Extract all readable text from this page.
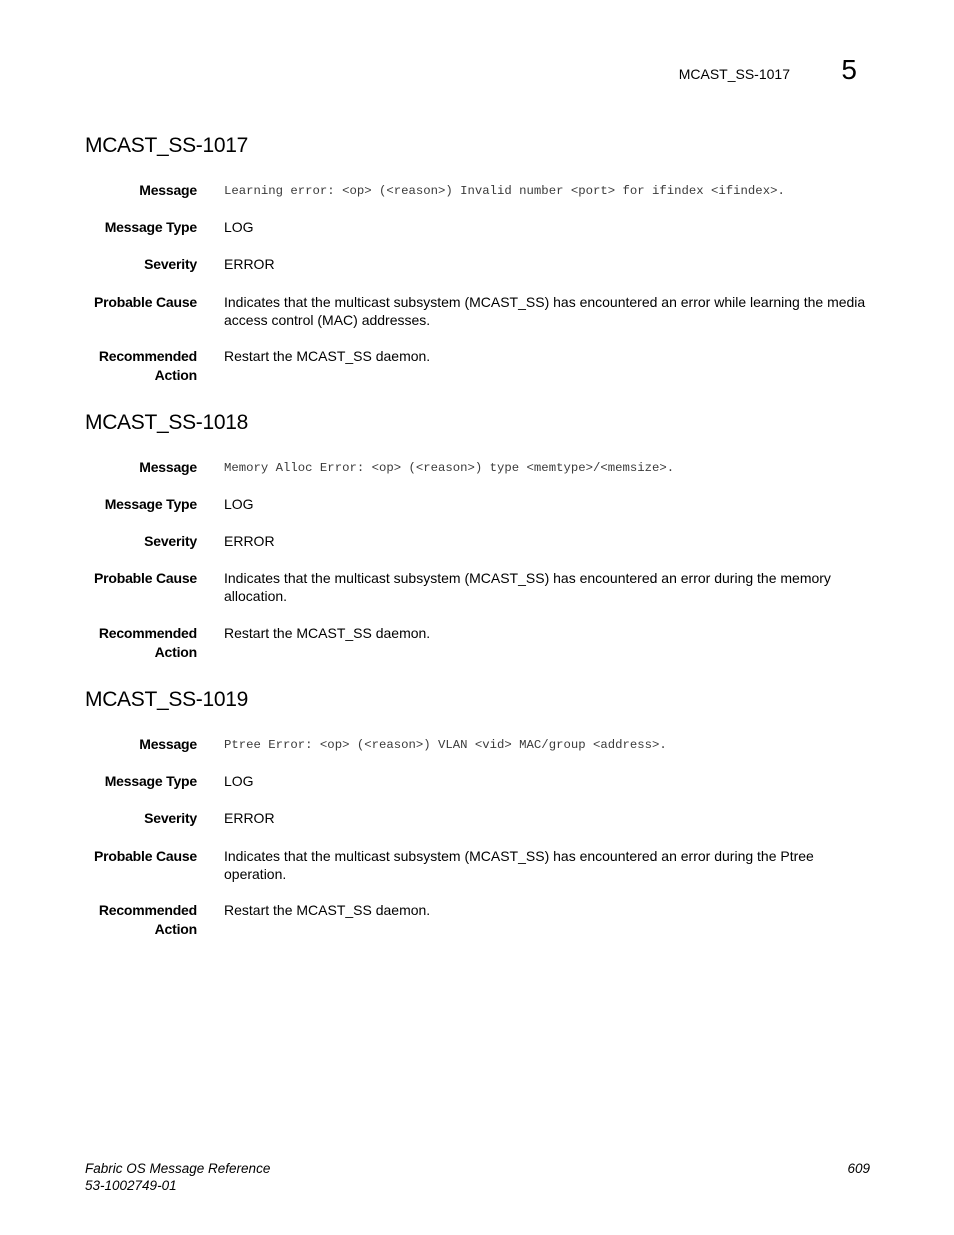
MCAST_SS-1017 5
MCAST_SS-1017
Message Learning error: <op> (<reason>) Invalid number <port> for ifindex <ifindex>.
Message Type LOG
Severity ERROR
Probable Cause Indicates that the multicast subsystem (MCAST_SS) has encountered an error while learning the media access control (MAC) addresses.
Recommended Action
Restart the MCAST_SS daemon.
MCAST_SS-1018
Message Memory Alloc Error: <op> (<reason>) type <memtype>/<memsize>.
Message Type LOG
Severity ERROR
Probable Cause Indicates that the multicast subsystem (MCAST_SS) has encountered an error during the memory allocation.
Recommended Action
Restart the MCAST_SS daemon.
MCAST_SS-1019
Message Ptree Error: <op> (<reason>) VLAN <vid> MAC/group <address>.
Message Type LOG
Severity ERROR
Probable Cause Indicates that the multicast subsystem (MCAST_SS) has encountered an error during the Ptree operation.
Recommended Action
Restart the MCAST_SS daemon.
Fabric OS Message Reference
53-1002749-01
609
